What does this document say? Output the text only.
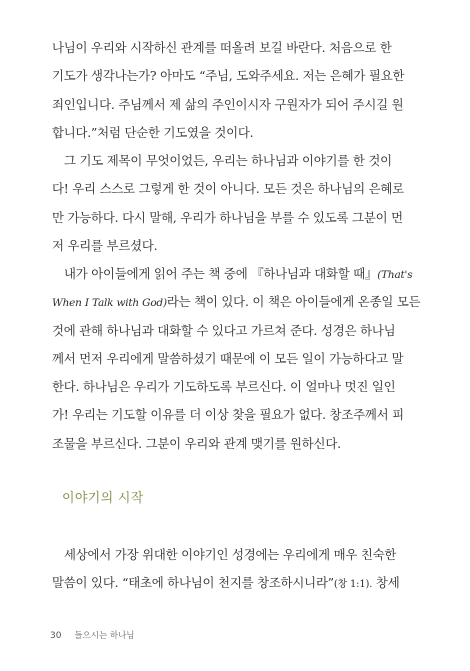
나님이 우리와 시작하신 관계를 떠올려 보길 바란다. 처음으로 한
기도가 생각나는가? 아마도 “주님, 도와주세요. 저는 은혜가 필요한
죄인입니다. 주님께서 제 삶의 주인이시자 구원자가 되어 주시길 원
합니다.”처럼 단순한 기도였을 것이다.
그 기도 제목이 무엇이었든, 우리는 하나님과 이야기를 한 것이
다! 우리 스스로 그렇게 한 것이 아니다. 모든 것은 하나님의 은혜로
만 가능하다. 다시 말해, 우리가 하나님을 부를 수 있도록 그분이 먼
저 우리를 부르셨다.
내가 아이들에게 읽어 주는 책 중에 『하나님과 대화할 때』(That's
When I Talk with God)라는 책이 있다. 이 책은 아이들에게 온종일 모든
것에 관해 하나님과 대화할 수 있다고 가르쳐 준다. 성경은 하나님
께서 먼저 우리에게 말씀하셨기 때문에 이 모든 일이 가능하다고 말
한다. 하나님은 우리가 기도하도록 부르신다. 이 얼마나 멋진 일인
가! 우리는 기도할 이유를 더 이상 찾을 필요가 없다. 창조주께서 피
조물을 부르신다. 그분이 우리와 관계 맺기를 원하신다.
이야기의 시작
세상에서 가장 위대한 이야기인 성경에는 우리에게 매우 친숙한
말씀이 있다. “태초에 하나님이 천지를 창조하시니라”(창 1:1). 창세
30 들으시는 하나님
